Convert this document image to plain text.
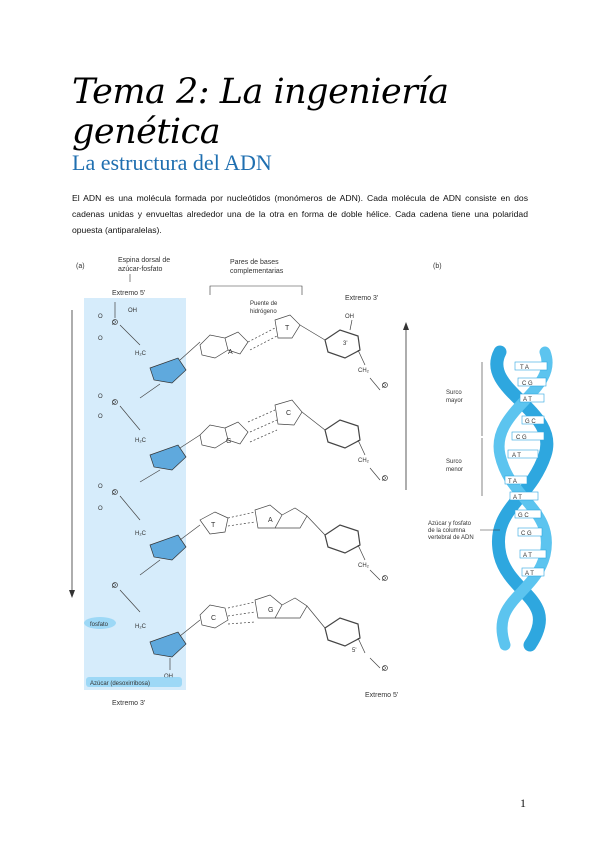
Tema 2: La ingeniería genética
La estructura del ADN
El ADN es una molécula formada por nucleótidos (monómeros de ADN). Cada molécula de ADN consiste en dos cadenas unidas y envueltas alrededor una de la otra en forma de doble hélice. Cada cadena tiene una polaridad opuesta (antiparalelas).
(a)	(b)
Espina dorsal de
azúcar-fosfato
Pares de bases
complementarias
Puente de
hidrógeno
Extremo 5'
Extremo 3'
Extremo 3'
Extremo 5'
P
OH
O
O
H₂C
P
O
O
H₂C
P
O
O
H₂C
P
H₂C
fosfato
Azúcar (desoxirribosa)
A
G
T
C
T
C
A
G
3'
OH
CH₂
P
CH₂
P
CH₂
P
5'
P
T A
C G
A T
G C
C G
A T
T A
A T
G C
C G
A T
A T
Surco
mayor
Surco
menor
Azúcar y fosfato
de la columna
vertebral de ADN
1
